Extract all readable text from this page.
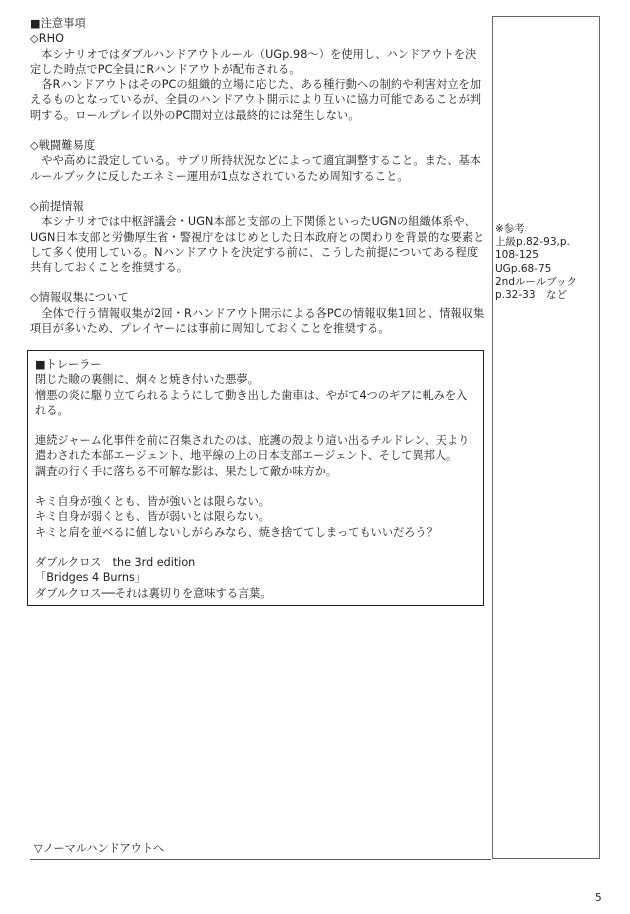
■注意事項

◇RHO

　本シナリオではダブルハンドアウトルール（UGp.98〜）を使用し、ハンドアウトを決定した時点でPC全員にRハンドアウトが配布される。

　各RハンドアウトはそのPCの組織的立場に応じた、ある種行動への制約や利害対立を加えるものとなっているが、全員のハンドアウト開示により互いに協力可能であることが判明する。ロールプレイ以外のPC間対立は最終的には発生しない。

◇戦闘難易度

　やや高めに設定している。サプリ所持状況などによって適宜調整すること。また、基本ルールブックに反したエネミー運用が1点なされているため周知すること。

◇前提情報

　本シナリオでは中枢評議会・UGN本部と支部の上下関係といったUGNの組織体系や、UGN日本支部と労働厚生省・警視庁をはじめとした日本政府との関わりを背景的な要素として多く使用している。Nハンドアウトを決定する前に、こうした前提についてある程度共有しておくことを推奨する。

◇情報収集について

　全体で行う情報収集が2回・Rハンドアウト開示による各PCの情報収集1回と、情報収集項目が多いため、プレイヤーには事前に周知しておくことを推奨する。

■トレーラー

閉じた瞼の裏側に、炯々と焼き付いた悪夢。

憎悪の炎に駆り立てられるようにして動き出した歯車は、やがて4つのギアに軋みを入れる。

連続ジャーム化事件を前に召集されたのは、庇護の殻より這い出るチルドレン、天より遣わされた本部エージェント、地平線の上の日本支部エージェント、そして異邦人。

調査の行く手に落ちる不可解な影は、果たして敵か味方か。

キミ自身が強くとも、皆が強いとは限らない。

キミ自身が弱くとも、皆が弱いとは限らない。

キミと肩を並べるに値しないしがらみなら、焼き捨ててしまってもいいだろう？

ダブルクロス　the 3rd edition

「Bridges 4 Burns」

ダブルクロス──それは裏切りを意味する言葉。

※参考

上級p.82-93,p.

108-125

UGp.68-75

2ndルールブック

p.32-33　など

▽ノーマルハンドアウトへ
5
